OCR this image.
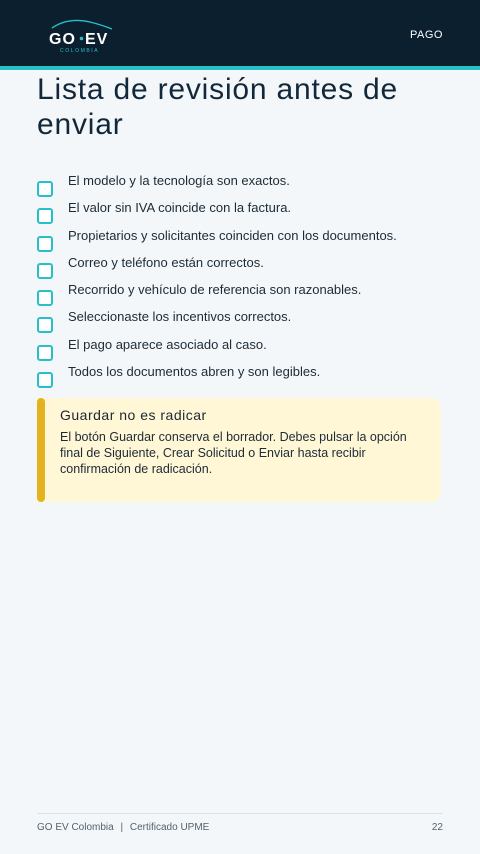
GO EV
COLOMBIA
PAGO
Lista de revisión antes de enviar
El modelo y la tecnología son exactos.
El valor sin IVA coincide con la factura.
Propietarios y solicitantes coinciden con los documentos.
Correo y teléfono están correctos.
Recorrido y vehículo de referencia son razonables.
Seleccionaste los incentivos correctos.
El pago aparece asociado al caso.
Todos los documentos abren y son legibles.
Guardar no es radicar
El botón Guardar conserva el borrador. Debes pulsar la opción final de Siguiente, Crear Solicitud o Enviar hasta recibir confirmación de radicación.
GO EV Colombia | Certificado UPME	22
